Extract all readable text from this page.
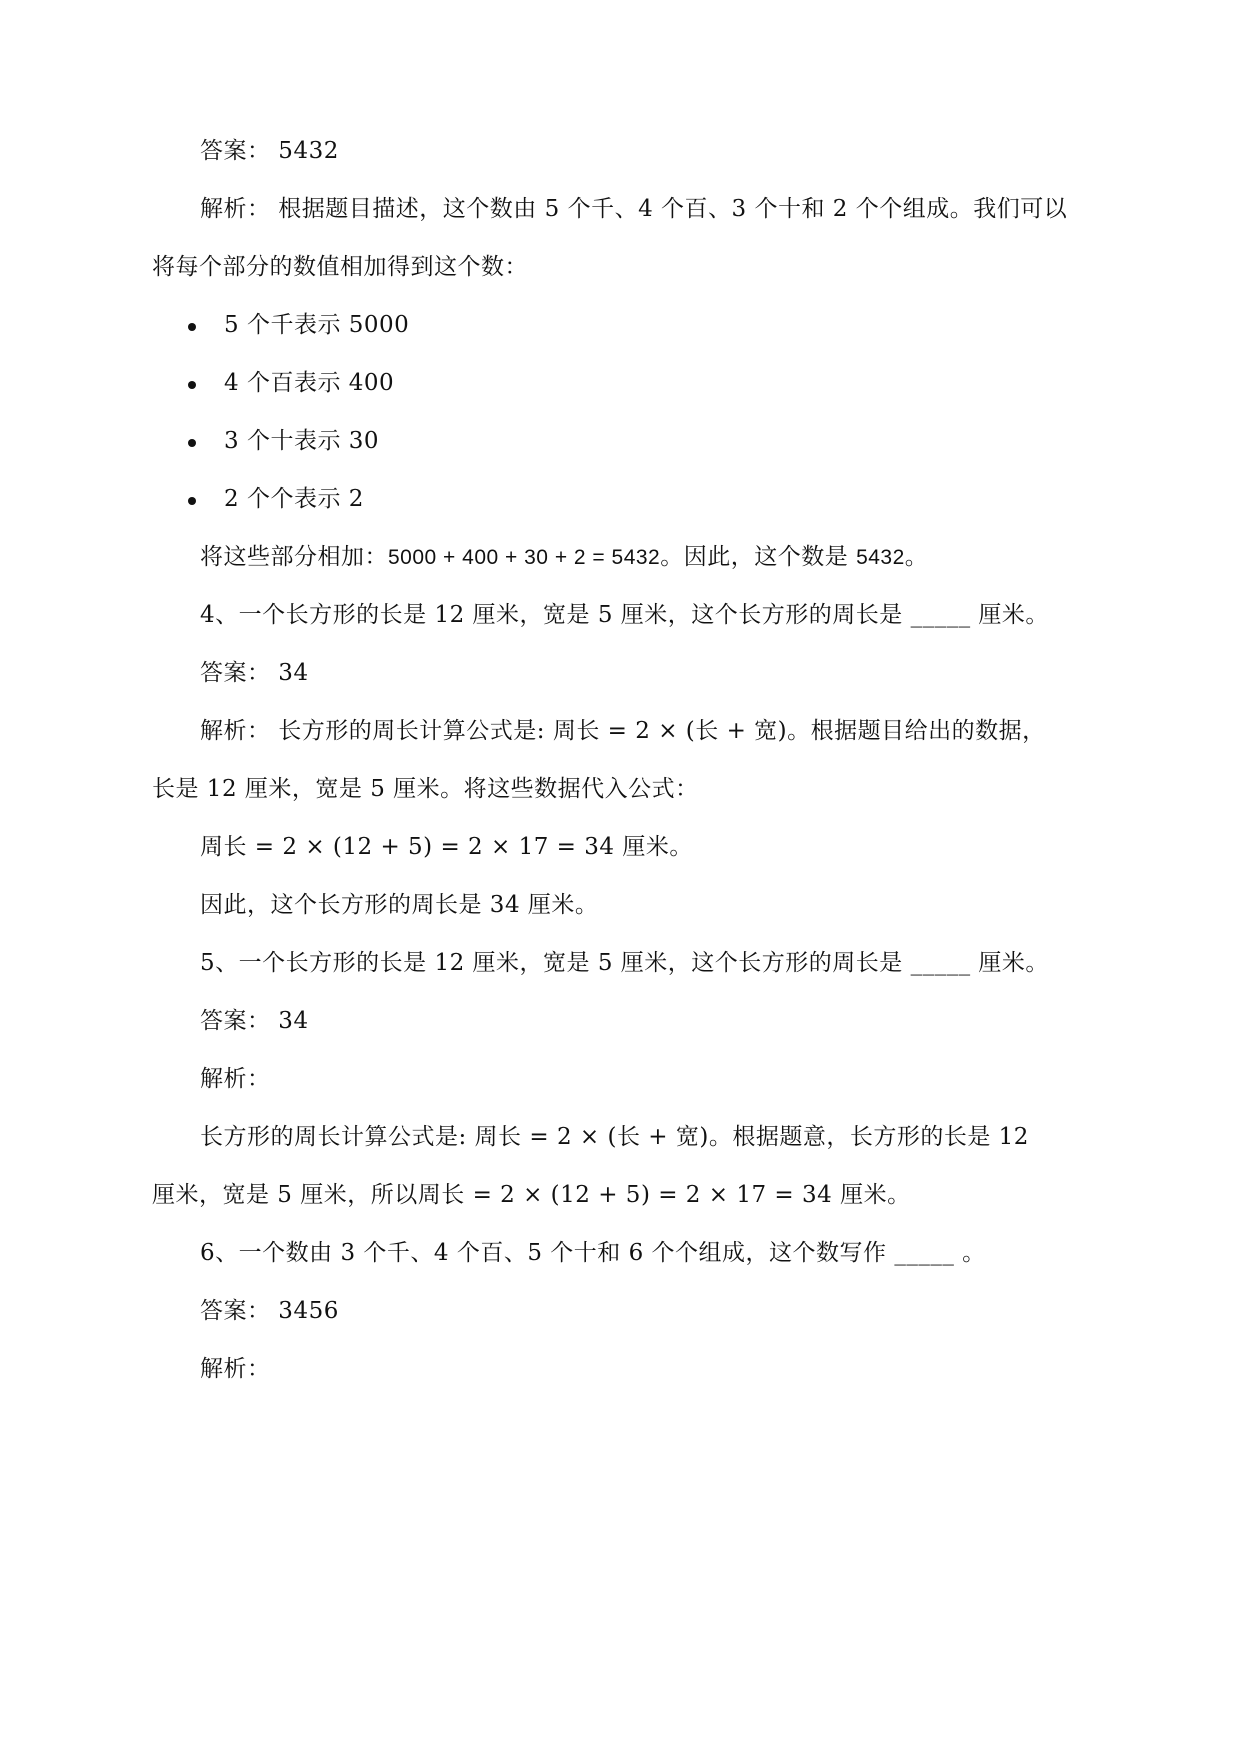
答案： 5432
解析： 根据题目描述，这个数由 5 个千、4 个百、3 个十和 2 个个组成。我们可以
将每个部分的数值相加得到这个数：
5 个千表示 5000
4 个百表示 400
3 个十表示 30
2 个个表示 2
将这些部分相加：5000 + 400 + 30 + 2 = 5432。因此，这个数是 5432。
4、一个长方形的长是 12 厘米，宽是 5 厘米，这个长方形的周长是 _____ 厘米。
答案： 34
解析： 长方形的周长计算公式是: 周长 = 2 × (长 + 宽)。根据题目给出的数据，
长是 12 厘米，宽是 5 厘米。将这些数据代入公式：
周长 = 2 × (12 + 5) = 2 × 17 = 34 厘米。
因此，这个长方形的周长是 34 厘米。
5、一个长方形的长是 12 厘米，宽是 5 厘米，这个长方形的周长是 _____ 厘米。
答案： 34
解析：
长方形的周长计算公式是: 周长 = 2 × (长 + 宽)。根据题意，长方形的长是 12
厘米，宽是 5 厘米，所以周长 = 2 × (12 + 5) = 2 × 17 = 34 厘米。
6、一个数由 3 个千、4 个百、5 个十和 6 个个组成，这个数写作 _____ 。
答案： 3456
解析：
